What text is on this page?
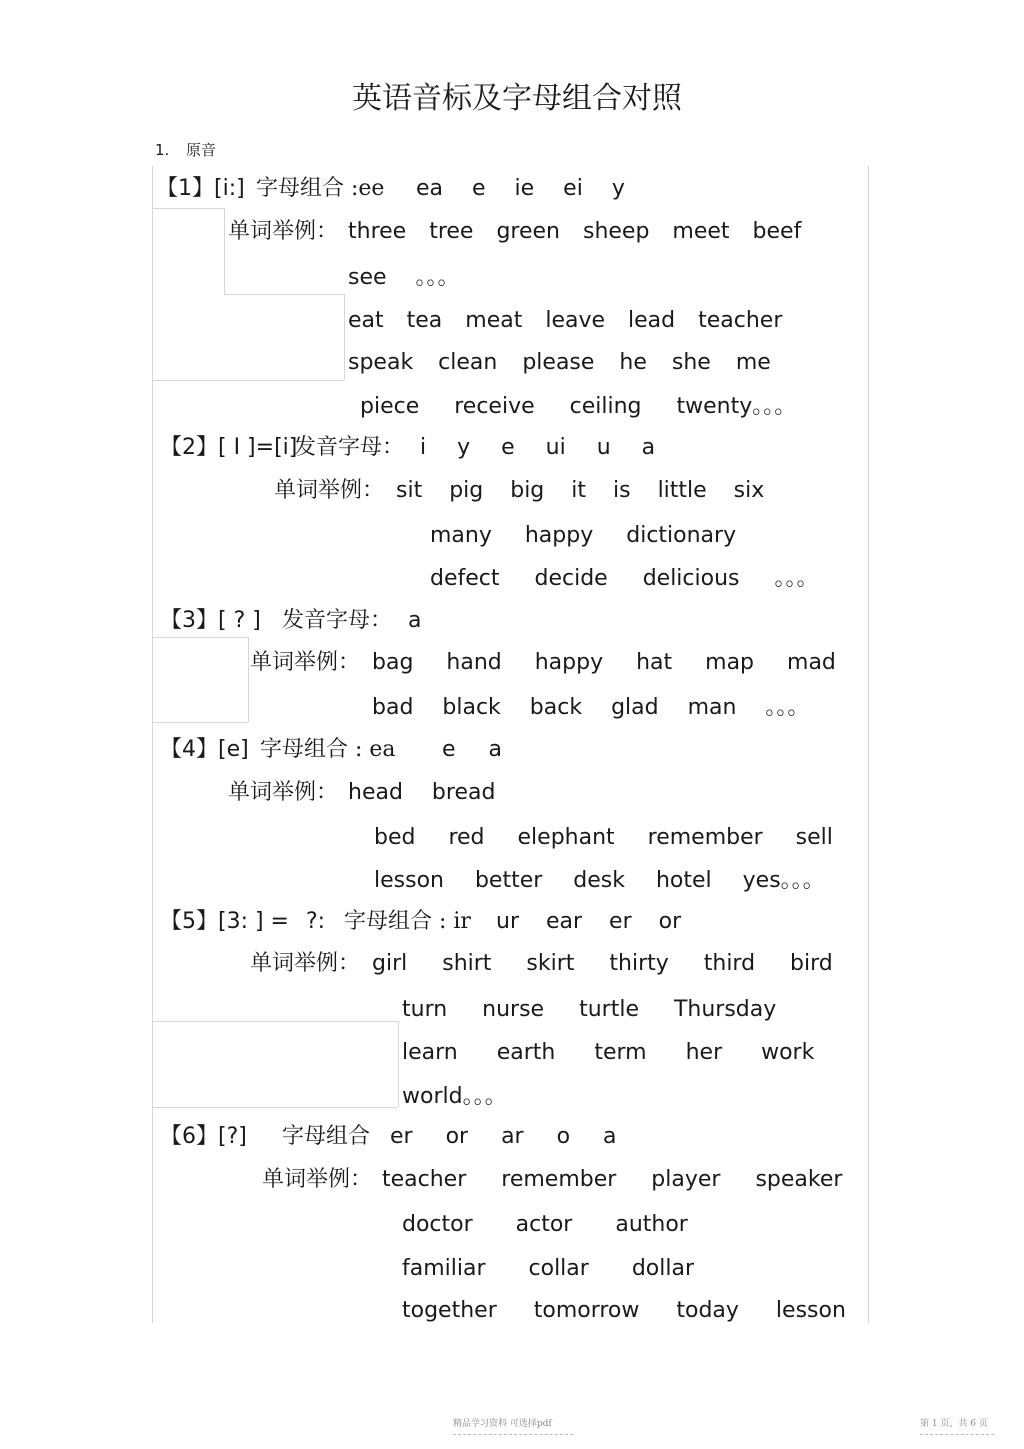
英语音标及字母组合对照
1. 原音
【1】[i:] 字母组合 :ee ea e ie ei y
单词举例： three tree green sheep meet beef
see 。。。
eat tea meat leave lead teacher
speak clean please he she me
piece receive ceiling twenty。。。
【2】[ I ]=[i]
发音字母： i y e ui u a
单词举例： sit pig big it is little six
many happy dictionary
defect decide delicious 。。。
【3】[ ? ] 发音字母： a
单词举例： bag hand happy hat map mad
bad black back glad man 。。。
【4】[e] 字母组合 : ea e a
单词举例： head bread
bed red elephant remember sell
lesson better desk hotel yes。。。
【5】[3: ] = ?: 字母组合 : ir ur ear er or
单词举例： girl shirt skirt thirty third bird
turn nurse turtle Thursday
learn earth term her work
world。。。
【6】[?] 字母组合 er or ar o a
单词举例： teacher remember player speaker
doctor actor author
familiar collar dollar
together tomorrow today lesson
精品学习资料 可选择pdf	第 1 页，共 6 页
